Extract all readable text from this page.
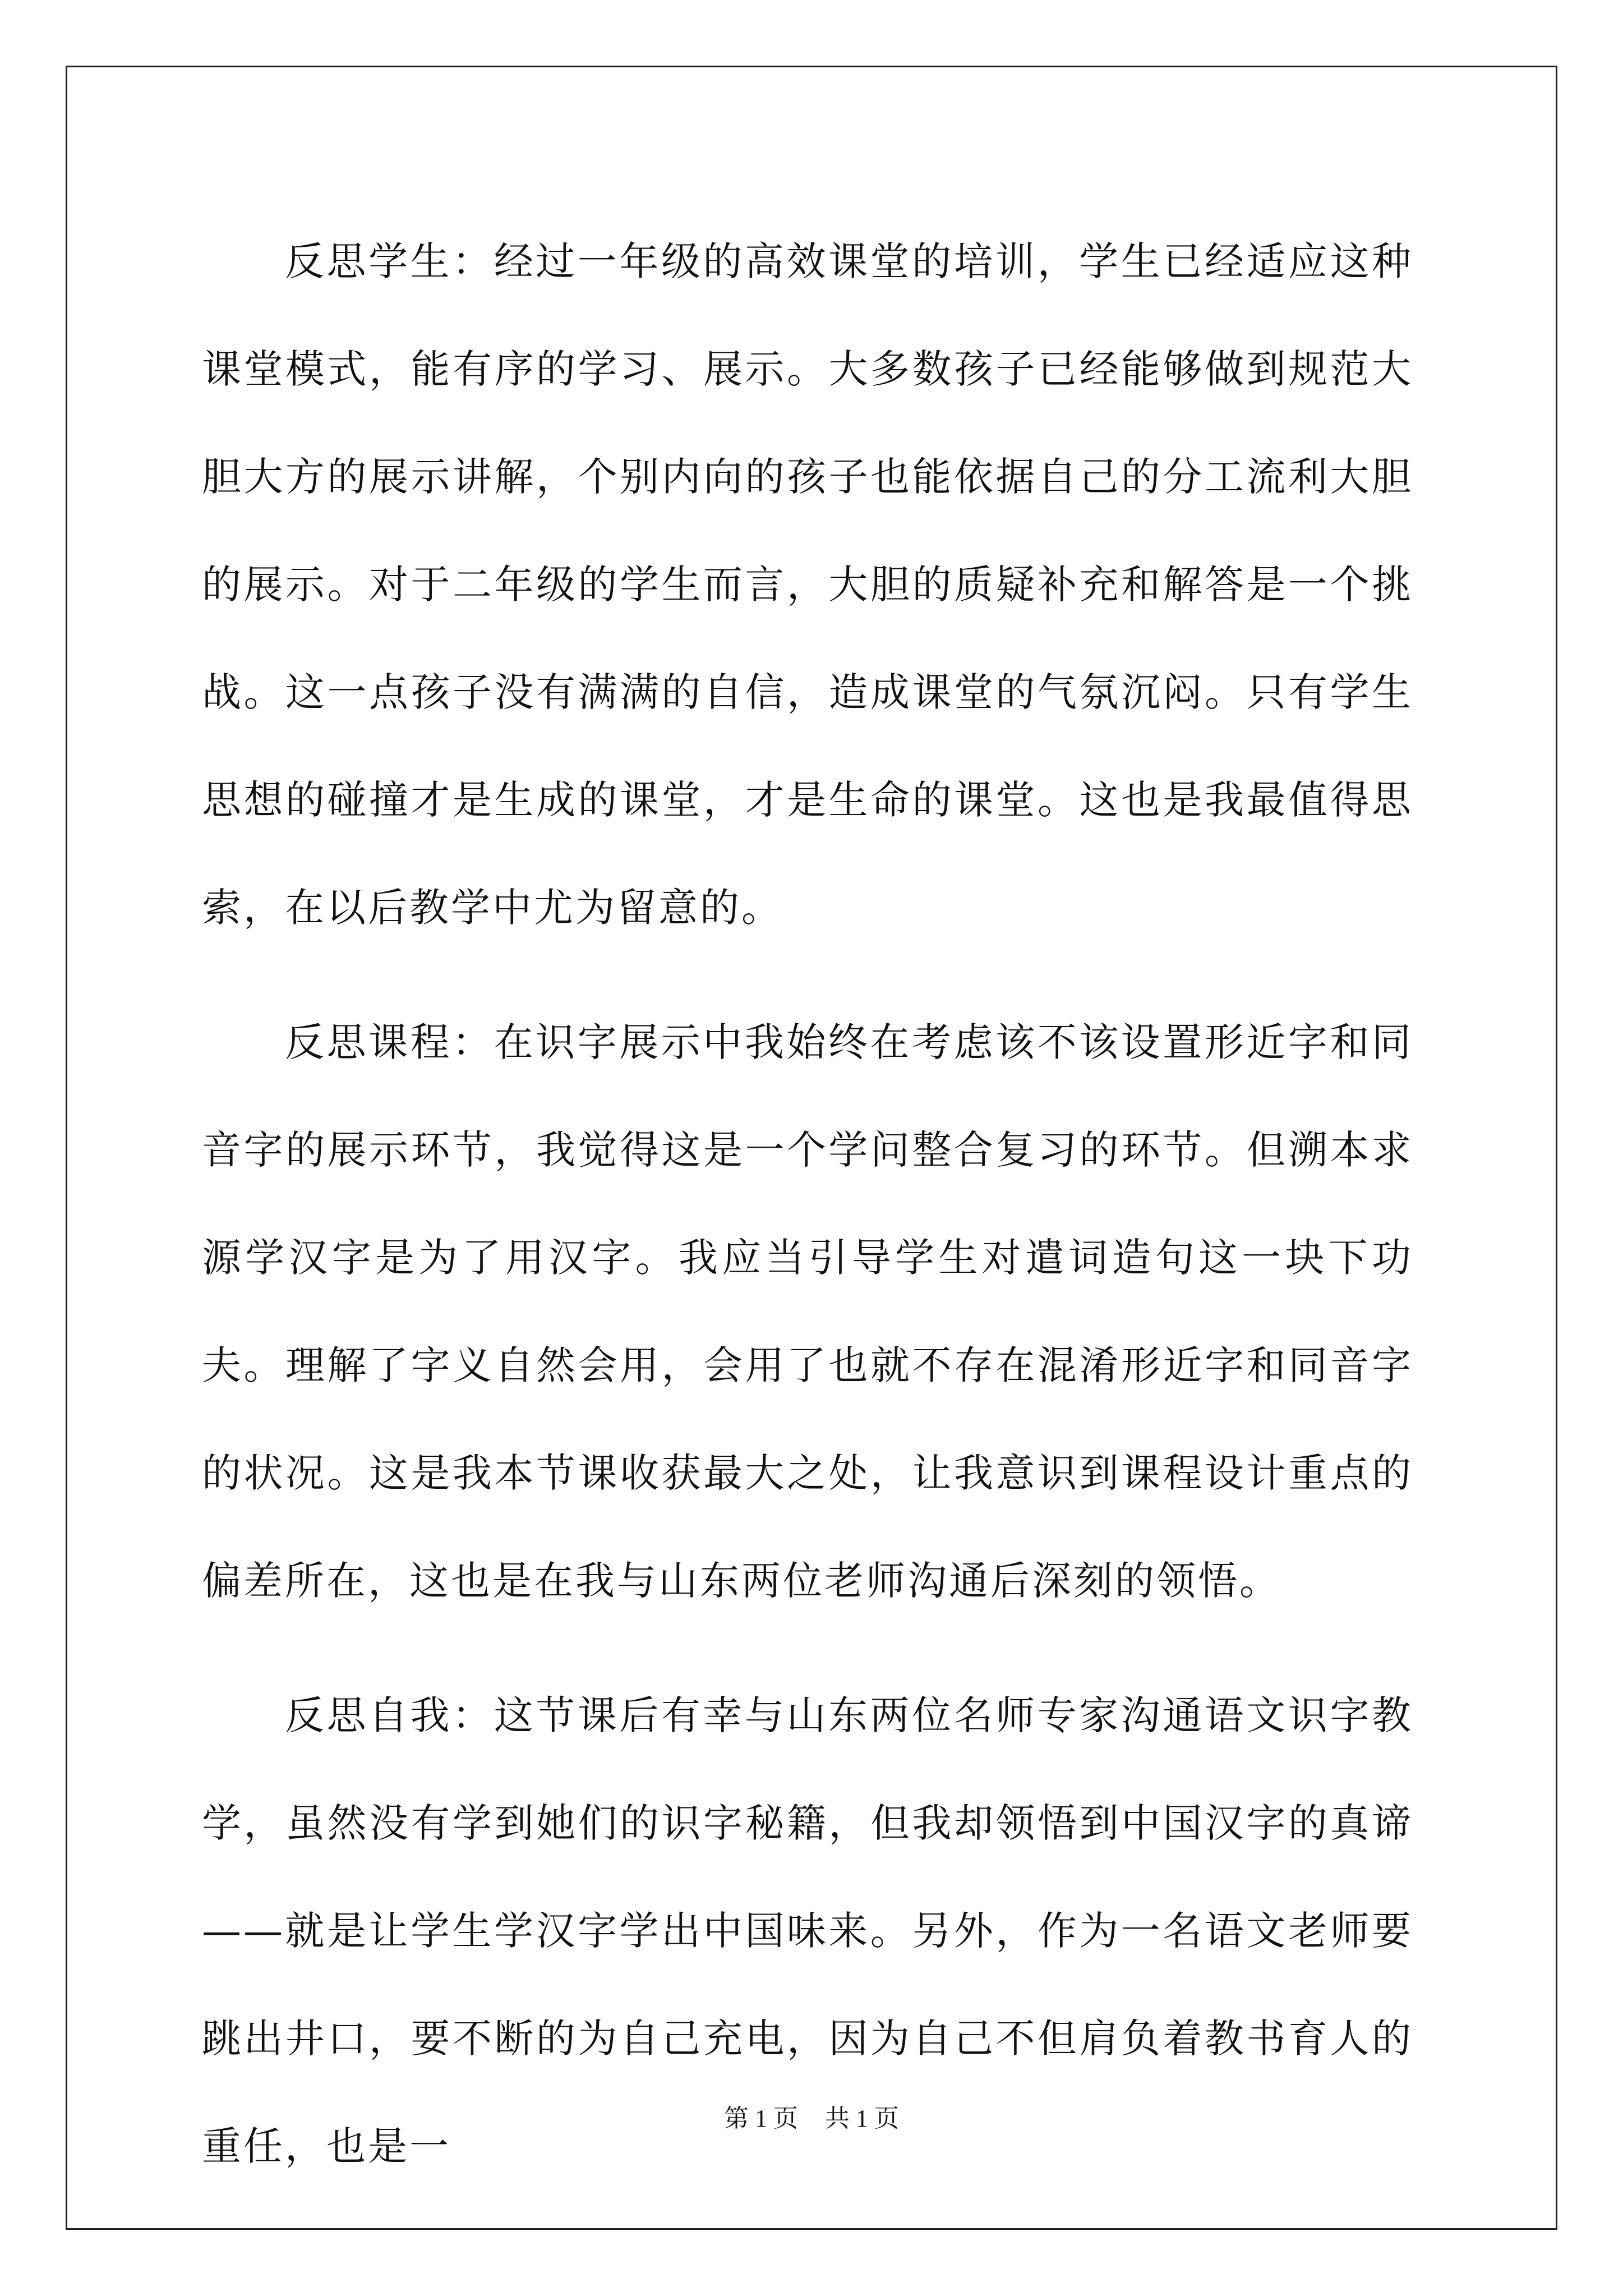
反思学生：经过一年级的高效课堂的培训，学生已经适应这种课堂模式，能有序的学习、展示。大多数孩子已经能够做到规范大胆大方的展示讲解，个别内向的孩子也能依据自己的分工流利大胆的展示。对于二年级的学生而言，大胆的质疑补充和解答是一个挑战。这一点孩子没有满满的自信，造成课堂的气氛沉闷。只有学生思想的碰撞才是生成的课堂，才是生命的课堂。这也是我最值得思索，在以后教学中尤为留意的。

反思课程：在识字展示中我始终在考虑该不该设置形近字和同音字的展示环节，我觉得这是一个学问整合复习的环节。但溯本求源学汉字是为了用汉字。我应当引导学生对遣词造句这一块下功夫。理解了字义自然会用，会用了也就不存在混淆形近字和同音字的状况。这是我本节课收获最大之处，让我意识到课程设计重点的偏差所在，这也是在我与山东两位老师沟通后深刻的领悟。

反思自我：这节课后有幸与山东两位名师专家沟通语文识字教学，虽然没有学到她们的识字秘籍，但我却领悟到中国汉字的真谛——就是让学生学汉字学出中国味来。另外，作为一名语文老师要跳出井口，要不断的为自己充电，因为自己不但肩负着教书育人的重任，也是一

第 1 页 共 1 页
